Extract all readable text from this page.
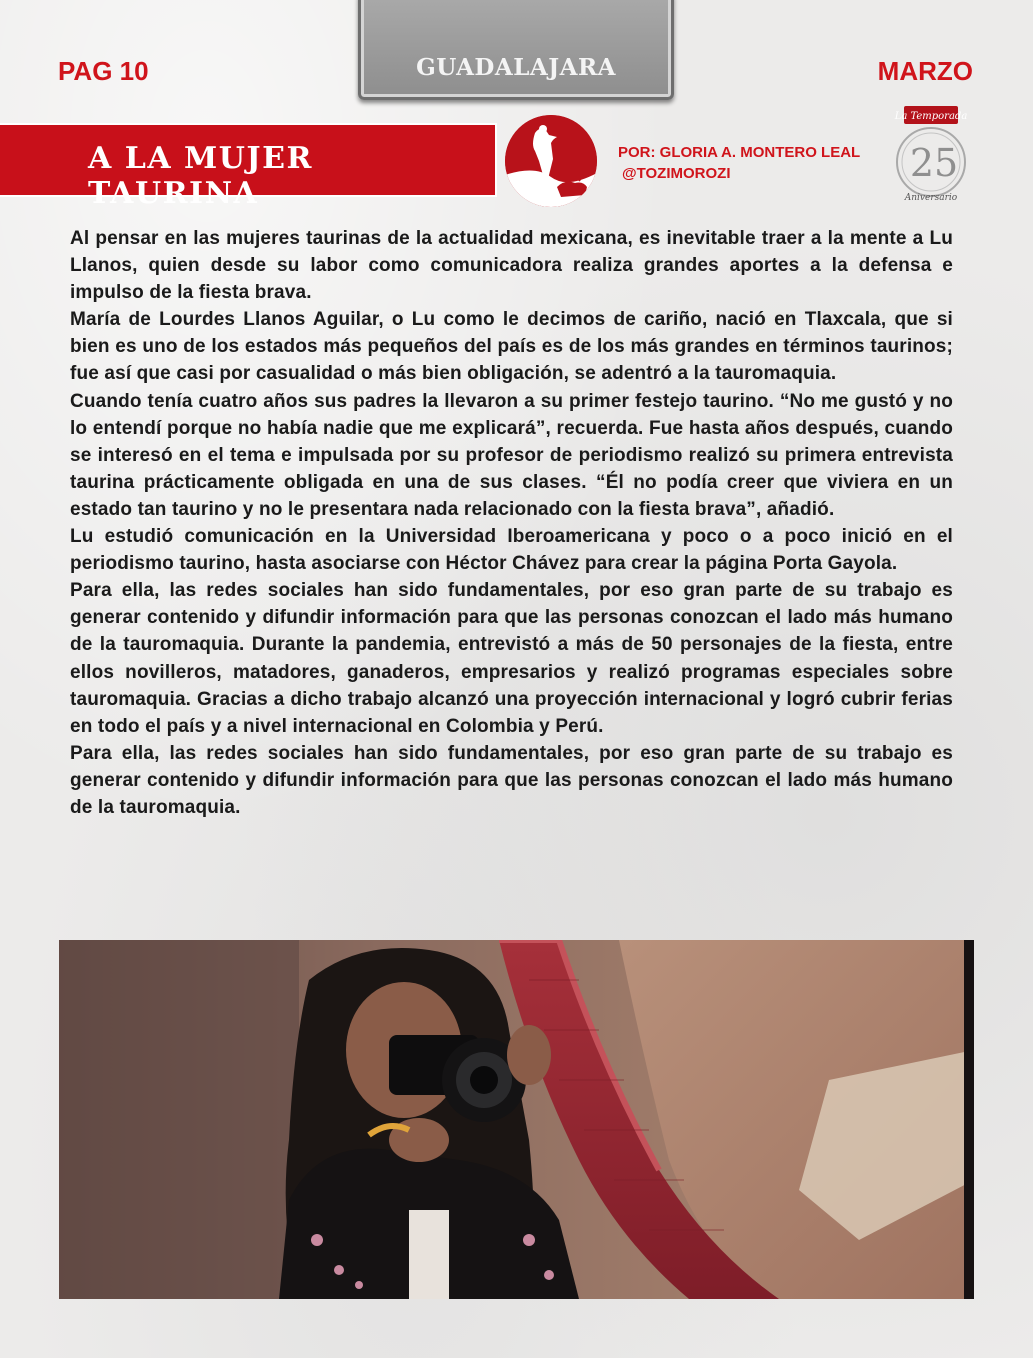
PAG 10	GUADALAJARA	MARZO
A LA MUJER TAURINA
POR: GLORIA A. MONTERO LEAL
@TOZIMOROZI
La Temporada
25
Aniversario

Al pensar en las mujeres taurinas de la actualidad mexicana, es inevitable traer a la mente a Lu Llanos, quien desde su labor como comunicadora realiza grandes aportes a la defensa e impulso de la fiesta brava.

María de Lourdes Llanos Aguilar, o Lu como le decimos de cariño, nació en Tlaxcala, que si bien es uno de los estados más pequeños del país es de los más grandes en términos taurinos; fue así que casi por casualidad o más bien obligación, se adentró a la tauromaquia.

Cuando tenía cuatro años sus padres la llevaron a su primer festejo taurino. “No me gustó y no lo entendí porque no había nadie que me explicará”, recuerda. Fue hasta años después, cuando se interesó en el tema e impulsada por su profesor de periodismo realizó su primera entrevista taurina prácticamente obligada en una de sus clases. “Él no podía creer que viviera en un estado tan taurino y no le presentara nada relacionado con la fiesta brava”, añadió.

Lu estudió comunicación en la Universidad Iberoamericana y poco o a poco inició en el periodismo taurino, hasta asociarse con Héctor Chávez para crear la página Porta Gayola.

Para ella, las redes sociales han sido fundamentales, por eso gran parte de su trabajo es generar contenido y difundir información para que las personas conozcan el lado más humano de la tauromaquia. Durante la pandemia, entrevistó a más de 50 personajes de la fiesta, entre ellos novilleros, matadores, ganaderos, empresarios y realizó programas especiales sobre tauromaquia. Gracias a dicho trabajo alcanzó una proyección internacional y logró cubrir ferias en todo el país y a nivel internacional en Colombia y Perú.

Para ella, las redes sociales han sido fundamentales, por eso gran parte de su trabajo es generar contenido y difundir información para que las personas conozcan el lado más humano de la tauromaquia.
